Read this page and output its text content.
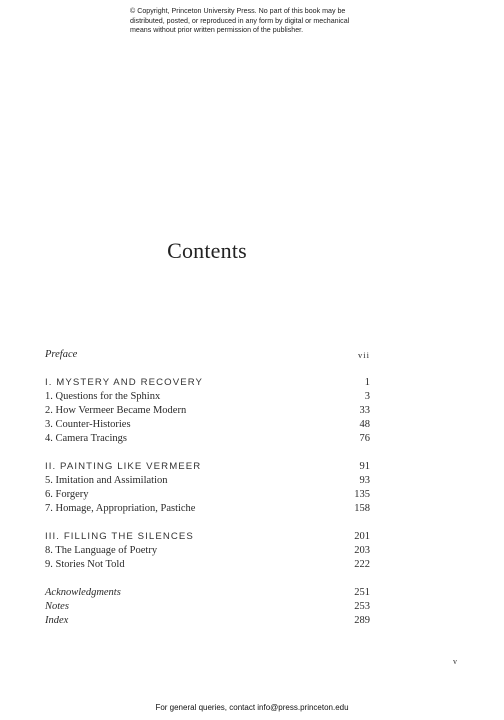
© Copyright, Princeton University Press. No part of this book may be
distributed, posted, or reproduced in any form by digital or mechanical
means without prior written permission of the publisher.
Contents
Preface	vii
I. MYSTERY AND RECOVERY	1
1. Questions for the Sphinx	3
2. How Vermeer Became Modern	33
3. Counter-Histories	48
4. Camera Tracings	76
II. PAINTING LIKE VERMEER	91
5. Imitation and Assimilation	93
6. Forgery	135
7. Homage, Appropriation, Pastiche	158
III. FILLING THE SILENCES	201
8. The Language of Poetry	203
9. Stories Not Told	222
Acknowledgments	251
Notes	253
Index	289
v
For general queries, contact info@press.princeton.edu
